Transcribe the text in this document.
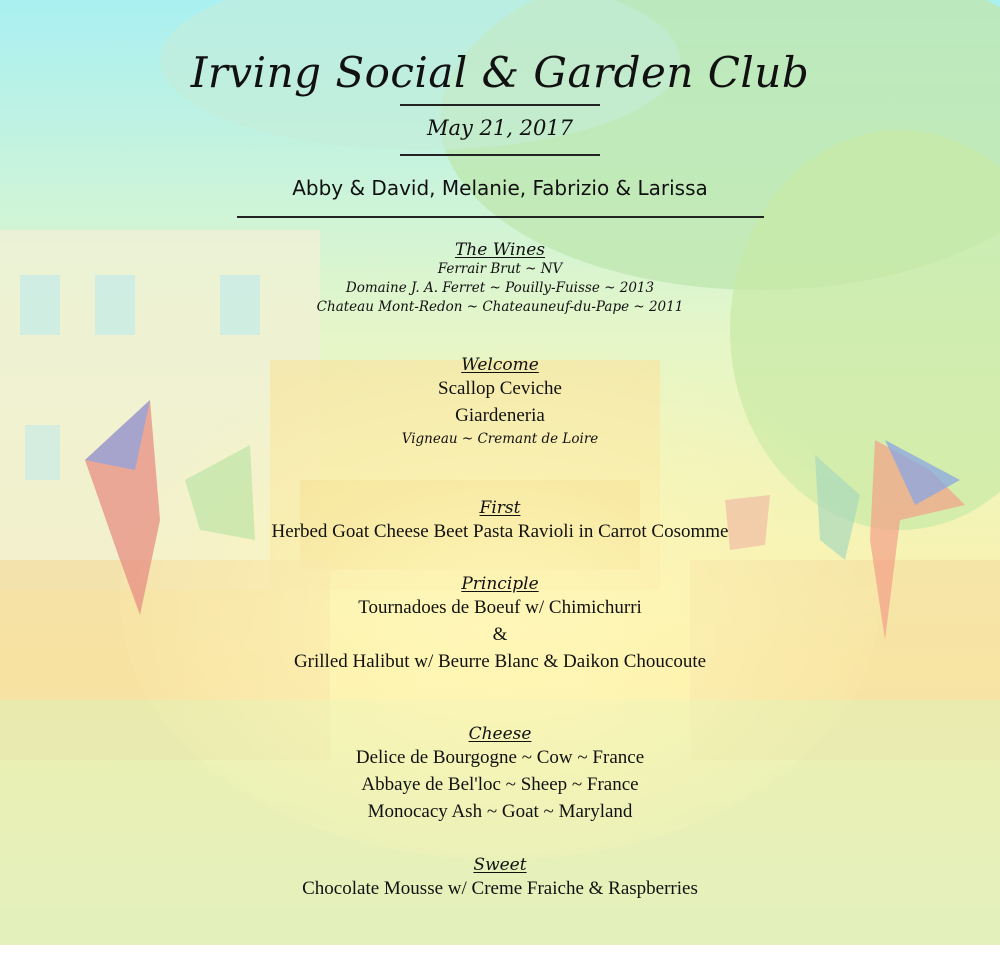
Irving Social & Garden Club
May 21, 2017
Abby & David, Melanie, Fabrizio & Larissa
The Wines
Ferrair Brut ~ NV
Domaine J. A. Ferret ~ Pouilly-Fuisse ~ 2013
Chateau Mont-Redon ~ Chateauneuf-du-Pape ~ 2011
Welcome
Scallop Ceviche
Giardeneria
Vigneau ~ Cremant de Loire
First
Herbed Goat Cheese Beet Pasta Ravioli in Carrot Cosomme
Principle
Tournadoes de Boeuf w/ Chimichurri
&
Grilled Halibut w/ Beurre Blanc & Daikon Choucoute
Cheese
Delice de Bourgogne ~ Cow ~ France
Abbaye de Bel'loc ~ Sheep ~ France
Monocacy Ash ~ Goat ~ Maryland
Sweet
Chocolate Mousse w/ Creme Fraiche & Raspberries
